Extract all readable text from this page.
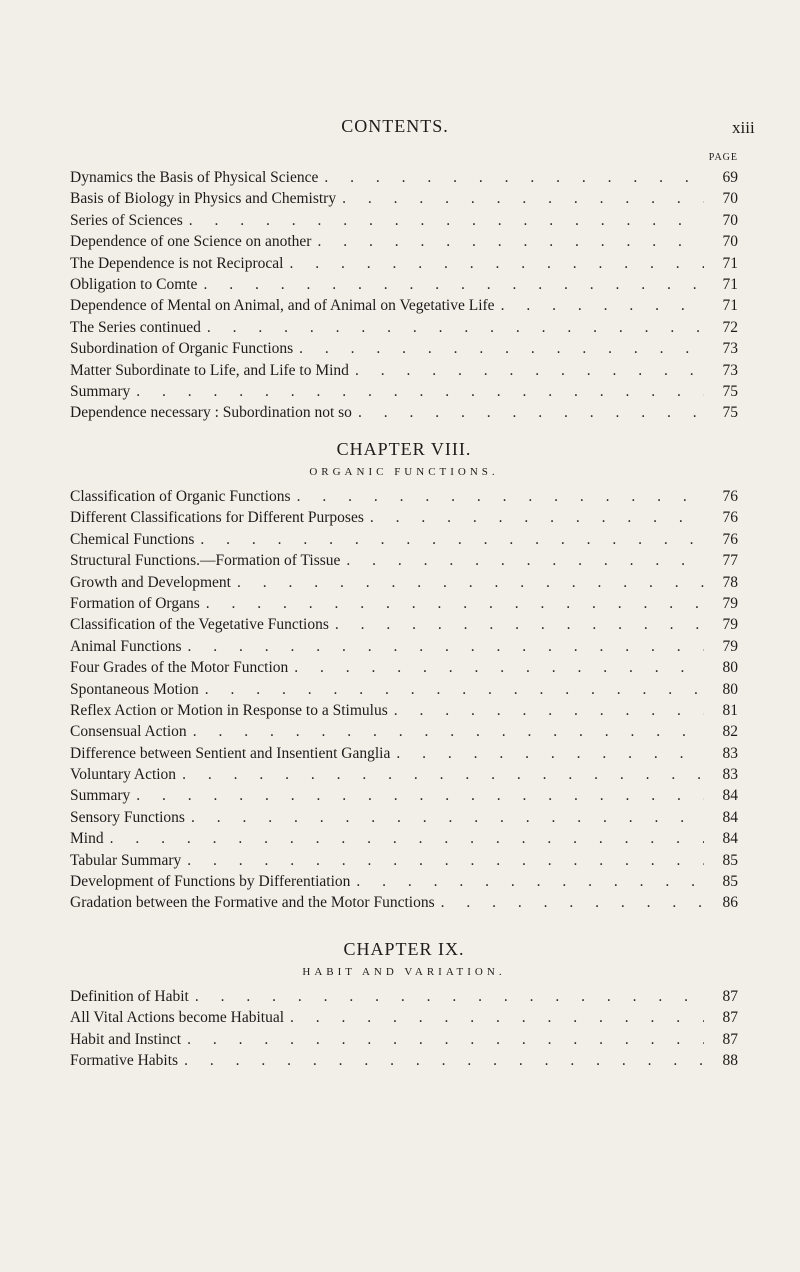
CONTENTS.	xiii
PAGE
Dynamics the Basis of Physical Science . . .	69
Basis of Biology in Physics and Chemistry . . .	70
Series of Sciences . . .	70
Dependence of one Science on another . . .	70
The Dependence is not Reciprocal . . .	71
Obligation to Comte . . .	71
Dependence of Mental on Animal, and of Animal on Vegetative Life . . .	71
The Series continued . . .	72
Subordination of Organic Functions . . .	73
Matter Subordinate to Life, and Life to Mind . . .	73
Summary . . .	75
Dependence necessary : Subordination not so . . .	75
CHAPTER VIII.
ORGANIC FUNCTIONS.
Classification of Organic Functions . . .	76
Different Classifications for Different Purposes . . .	76
Chemical Functions . . .	76
Structural Functions.—Formation of Tissue . . .	77
Growth and Development . . .	78
Formation of Organs . . .	79
Classification of the Vegetative Functions . . .	79
Animal Functions . . .	79
Four Grades of the Motor Function . . .	80
Spontaneous Motion . . .	80
Reflex Action or Motion in Response to a Stimulus . . .	81
Consensual Action . . .	82
Difference between Sentient and Insentient Ganglia . . .	83
Voluntary Action . . .	83
Summary . . .	84
Sensory Functions . . .	84
Mind . . .	84
Tabular Summary . . .	85
Development of Functions by Differentiation . . .	85
Gradation between the Formative and the Motor Functions . . .	86
CHAPTER IX.
HABIT AND VARIATION.
Definition of Habit . . .	87
All Vital Actions become Habitual . . .	87
Habit and Instinct . . .	87
Formative Habits . . .	88
